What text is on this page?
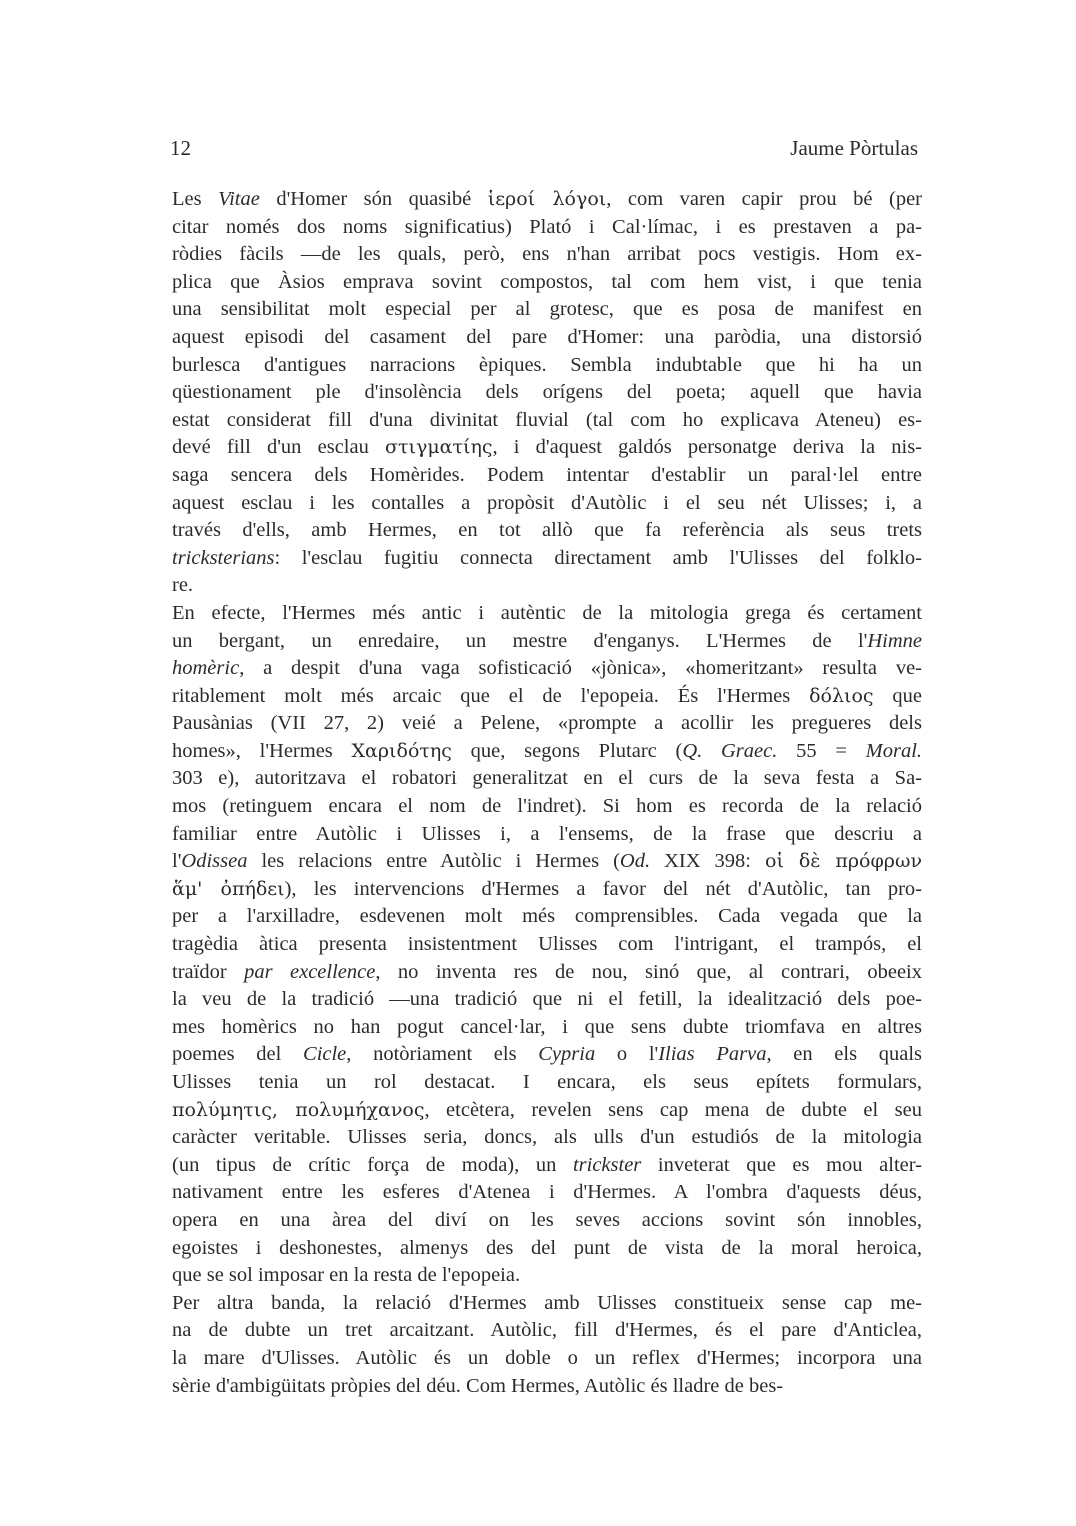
12	Jaume Pòrtulas
Les Vitae d'Homer són quasibé ἱεροί λόγοι, com varen capir prou bé (per
citar només dos noms significatius) Plató i Cal·límac, i es prestaven a pa-
ròdies fàcils —de les quals, però, ens n'han arribat pocs vestigis. Hom ex-
plica que Àsios emprava sovint compostos, tal com hem vist, i que tenia
una sensibilitat molt especial per al grotesc, que es posa de manifest en
aquest episodi del casament del pare d'Homer: una paròdia, una distorsió
burlesca d'antigues narracions èpiques. Sembla indubtable que hi ha un
qüestionament ple d'insolència dels orígens del poeta; aquell que havia
estat considerat fill d'una divinitat fluvial (tal com ho explicava Ateneu) es-
devé fill d'un esclau στιγματίης, i d'aquest galdós personatge deriva la nis-
saga sencera dels Homèrides. Podem intentar d'establir un paral·lel entre
aquest esclau i les contalles a propòsit d'Autòlic i el seu nét Ulisses; i, a
través d'ells, amb Hermes, en tot allò que fa referència als seus trets
tricksterians: l'esclau fugitiu connecta directament amb l'Ulisses del folklo-
re.
En efecte, l'Hermes més antic i autèntic de la mitologia grega és certament
un bergant, un enredaire, un mestre d'enganys. L'Hermes de l'Himne
homèric, a despit d'una vaga sofisticació «jònica», «homeritzant» resulta ve-
ritablement molt més arcaic que el de l'epopeia. És l'Hermes δόλιος que
Pausànias (VII 27, 2) veié a Pelene, «prompte a acollir les pregueres dels
homes», l'Hermes Χαριδότης que, segons Plutarc (Q. Graec. 55 = Moral.
303 e), autoritzava el robatori generalitzat en el curs de la seva festa a Sa-
mos (retinguem encara el nom de l'indret). Si hom es recorda de la relació
familiar entre Autòlic i Ulisses i, a l'ensems, de la frase que descriu a
l'Odissea les relacions entre Autòlic i Hermes (Od. XIX 398: οἱ δὲ πρόφρων
ἅμ' ὀπήδει), les intervencions d'Hermes a favor del nét d'Autòlic, tan pro-
per a l'arxilladre, esdevenen molt més comprensibles. Cada vegada que la
tragèdia àtica presenta insistentment Ulisses com l'intrigant, el trampós, el
traïdor par excellence, no inventa res de nou, sinó que, al contrari, obeeix
la veu de la tradició —una tradició que ni el fetill, la idealització dels poe-
mes homèrics no han pogut cancel·lar, i que sens dubte triomfava en altres
poemes del Cicle, notòriament els Cypria o l'Ilias Parva, en els quals
Ulisses tenia un rol destacat. I encara, els seus epítets formulars,
πολύμητις, πολυμήχανος, etcètera, revelen sens cap mena de dubte el seu
caràcter veritable. Ulisses seria, doncs, als ulls d'un estudiós de la mitologia
(un tipus de crític força de moda), un trickster inveterat que es mou alter-
nativament entre les esferes d'Atenea i d'Hermes. A l'ombra d'aquests déus,
opera en una àrea del diví on les seves accions sovint són innobles,
egoistes i deshonestes, almenys des del punt de vista de la moral heroica,
que se sol imposar en la resta de l'epopeia.
Per altra banda, la relació d'Hermes amb Ulisses constitueix sense cap me-
na de dubte un tret arcaitzant. Autòlic, fill d'Hermes, és el pare d'Anticlea,
la mare d'Ulisses. Autòlic és un doble o un reflex d'Hermes; incorpora una
sèrie d'ambigüitats pròpies del déu. Com Hermes, Autòlic és lladre de bes-
